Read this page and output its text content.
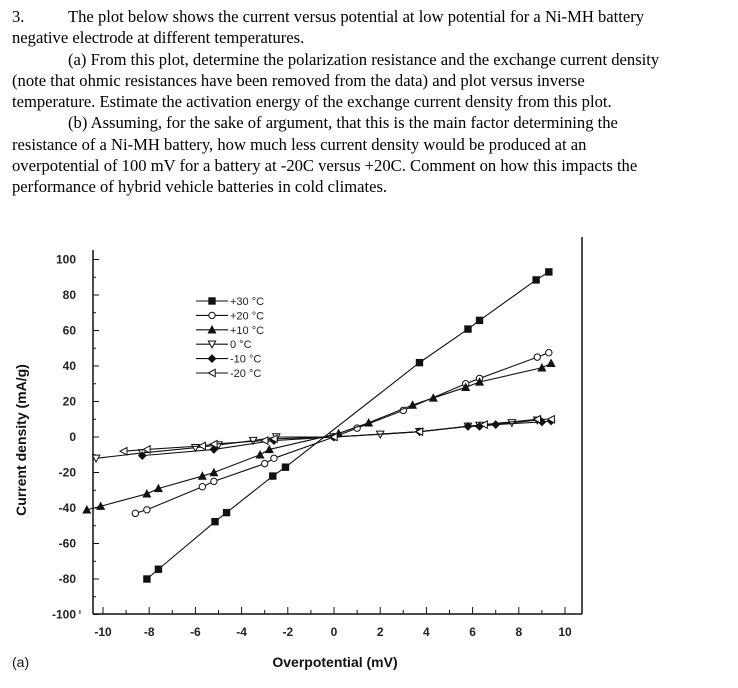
3.	The plot below shows the current versus potential at low potential for a Ni-MH battery
negative electrode at different temperatures.
(a) From this plot, determine the polarization resistance and the exchange current density
(note that ohmic resistances have been removed from the data) and plot versus inverse
temperature. Estimate the activation energy of the exchange current density from this plot.
(b) Assuming, for the sake of argument, that this is the main factor determining the
resistance of a Ni-MH battery, how much less current density would be produced at an
overpotential of 100 mV for a battery at -20C versus +20C. Comment on how this impacts the
performance of hybrid vehicle batteries in cold climates.
100
80
60
40
20
0
-20
-40
-60
-80
-100
-10	-8	-6	-4	-2	0	2	4	6	8	10
+30 °C
+20 °C
+10 °C
0 °C
-10 °C
-20 °C
Overpotential (mV)
Current density (mA/g)
(a)
